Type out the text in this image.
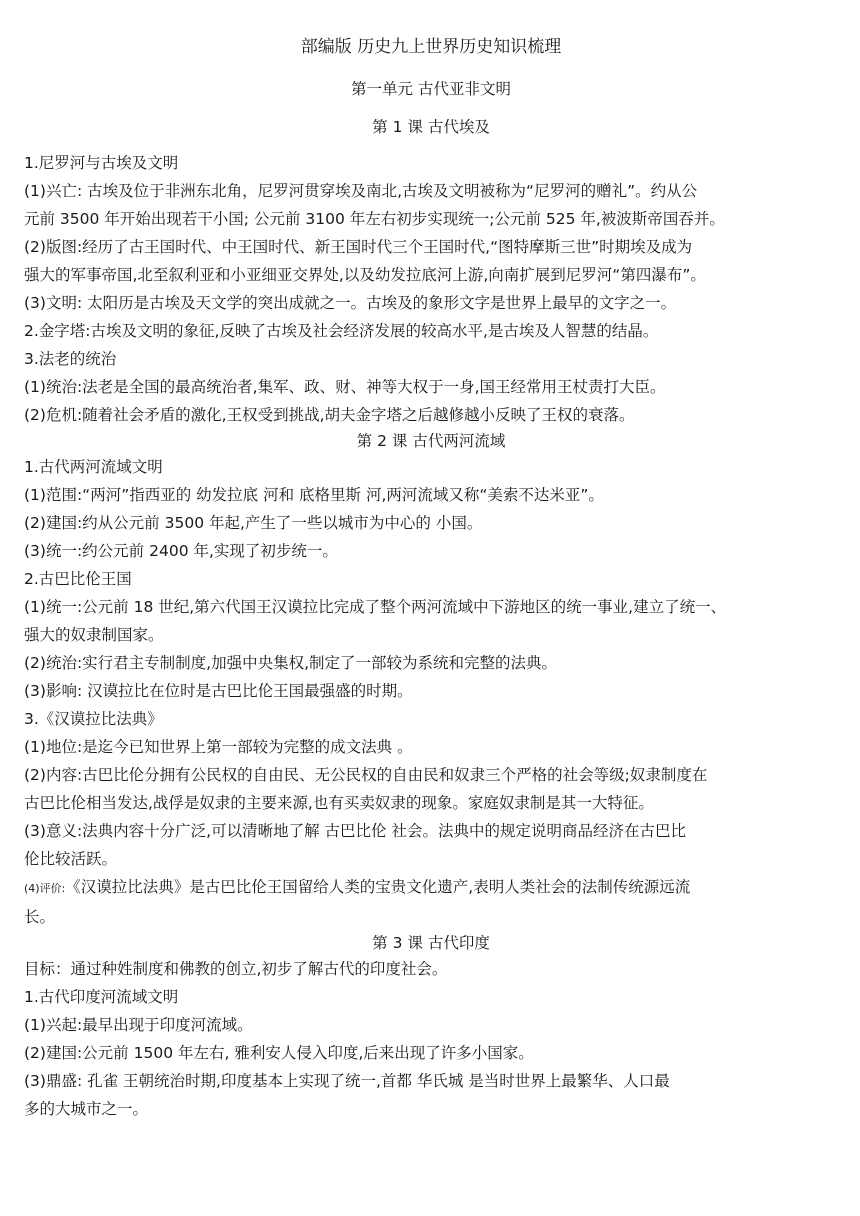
部编版 历史九上世界历史知识梳理
第一单元 古代亚非文明
第 1 课 古代埃及
1.尼罗河与古埃及文明
(1)兴亡: 古埃及位于非洲东北角，尼罗河贯穿埃及南北,古埃及文明被称为“尼罗河的赠礼”。约从公
元前 3500 年开始出现若干小国; 公元前 3100 年左右初步实现统一;公元前 525 年,被波斯帝国吞并。
(2)版图:经历了古王国时代、中王国时代、新王国时代三个王国时代,“图特摩斯三世”时期埃及成为
强大的军事帝国,北至叙利亚和小亚细亚交界处,以及幼发拉底河上游,向南扩展到尼罗河“第四瀑布”。
(3)文明: 太阳历是古埃及天文学的突出成就之一。古埃及的象形文字是世界上最早的文字之一。
2.金字塔:古埃及文明的象征,反映了古埃及社会经济发展的较高水平,是古埃及人智慧的结晶。
3.法老的统治
(1)统治:法老是全国的最高统治者,集军、政、财、神等大权于一身,国王经常用王杖责打大臣。
(2)危机:随着社会矛盾的激化,王权受到挑战,胡夫金字塔之后越修越小反映了王权的衰落。
第 2 课 古代两河流域
1.古代两河流域文明
(1)范围:“两河”指西亚的 幼发拉底 河和 底格里斯 河,两河流域又称“美索不达米亚”。
(2)建国:约从公元前 3500 年起,产生了一些以城市为中心的 小国。
(3)统一:约公元前 2400 年,实现了初步统一。
2.古巴比伦王国
(1)统一:公元前 18 世纪,第六代国王汉谟拉比完成了整个两河流域中下游地区的统一事业,建立了统一、
强大的奴隶制国家。
(2)统治:实行君主专制制度,加强中央集权,制定了一部较为系统和完整的法典。
(3)影响: 汉谟拉比在位时是古巴比伦王国最强盛的时期。
3.《汉谟拉比法典》
(1)地位:是迄今已知世界上第一部较为完整的成文法典 。
(2)内容:古巴比伦分拥有公民权的自由民、无公民权的自由民和奴隶三个严格的社会等级;奴隶制度在
古巴比伦相当发达,战俘是奴隶的主要来源,也有买卖奴隶的现象。家庭奴隶制是其一大特征。
(3)意义:法典内容十分广泛,可以清晰地了解 古巴比伦 社会。法典中的规定说明商品经济在古巴比
伦比较活跃。
(4)评价:《汉谟拉比法典》是古巴比伦王国留给人类的宝贵文化遗产,表明人类社会的法制传统源远流
长。
第 3 课 古代印度
目标：通过种姓制度和佛教的创立,初步了解古代的印度社会。
1.古代印度河流域文明
(1)兴起:最早出现于印度河流域。
(2)建国:公元前 1500 年左右, 雅利安人侵入印度,后来出现了许多小国家。
(3)鼎盛: 孔雀 王朝统治时期,印度基本上实现了统一,首都 华氏城 是当时世界上最繁华、人口最
多的大城市之一。
